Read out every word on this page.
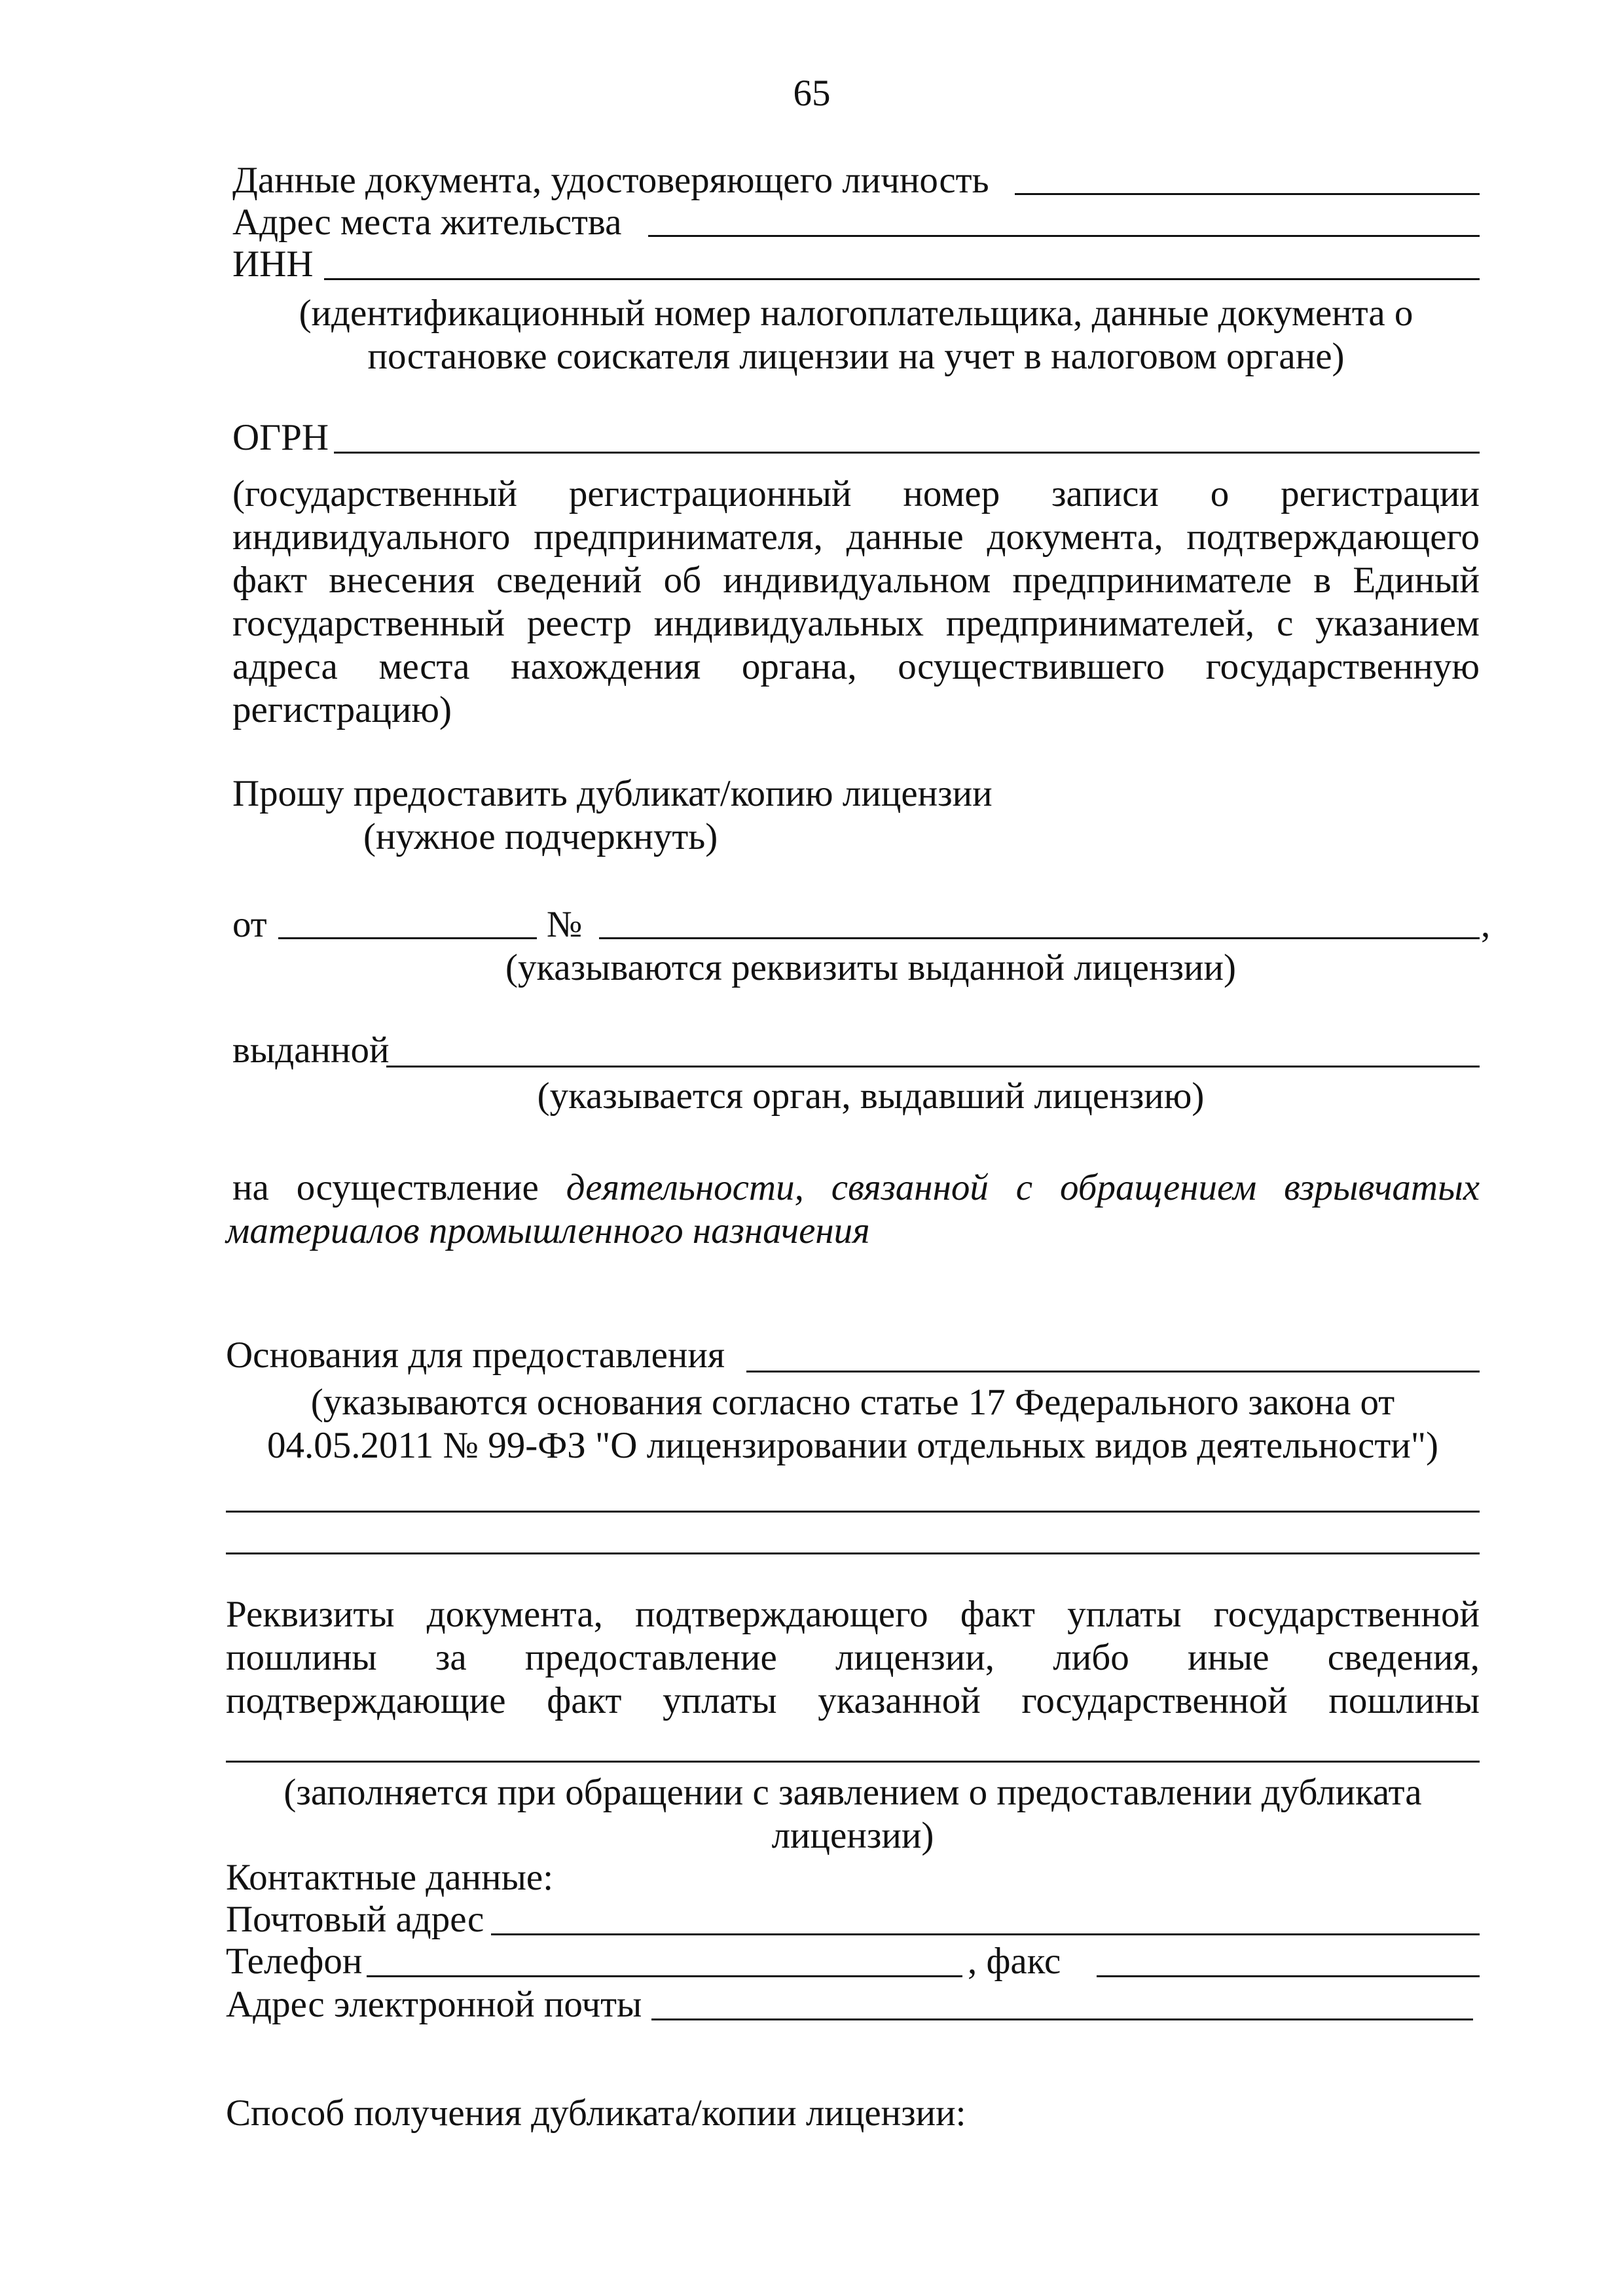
65
Данные документа, удостоверяющего личность
Адрес места жительства
ИНН
(идентификационный номер налогоплательщика, данные документа о
постановке соискателя лицензии на учет в налоговом органе)
ОГРН
(государственный регистрационный номер записи о регистрации
индивидуального предпринимателя, данные документа, подтверждающего
факт внесения сведений об индивидуальном предпринимателе в Единый
государственный реестр индивидуальных предпринимателей, с указанием
адреса места нахождения органа, осуществившего государственную
регистрацию)
Прошу предоставить дубликат/копию лицензии
(нужное подчеркнуть)
от	№	,
(указываются реквизиты выданной лицензии)
выданной
(указывается орган, выдавший лицензию)
на осуществление деятельности, связанной с обращением взрывчатых
материалов промышленного назначения
Основания для предоставления
(указываются основания согласно статье 17 Федерального закона от
04.05.2011 № 99-ФЗ "О лицензировании отдельных видов деятельности")
Реквизиты документа, подтверждающего факт уплаты государственной
пошлины за предоставление лицензии, либо иные сведения,
подтверждающие факт уплаты указанной государственной пошлины
(заполняется при обращении с заявлением о предоставлении дубликата
лицензии)
Контактные данные:
Почтовый адрес
Телефон	, факс
Адрес электронной почты
Способ получения дубликата/копии лицензии:
